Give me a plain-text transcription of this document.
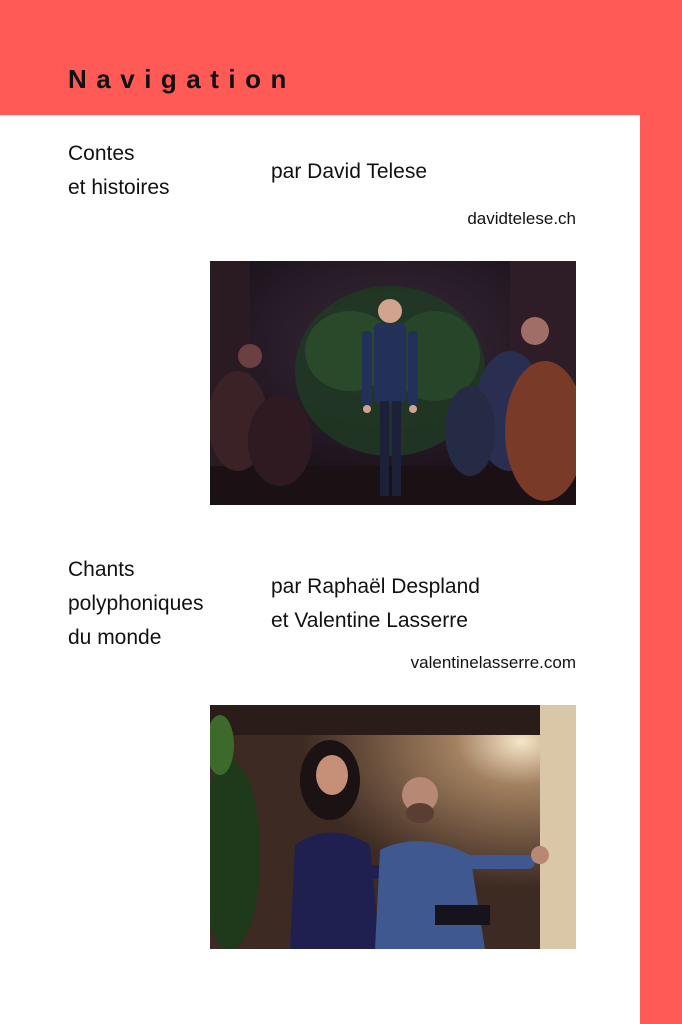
Navigation
Contes
et histoires
par David Telese
davidtelese.ch
Chants
polyphoniques
du monde
par Raphaël Despland
et Valentine Lasserre
valentinelasserre.com
